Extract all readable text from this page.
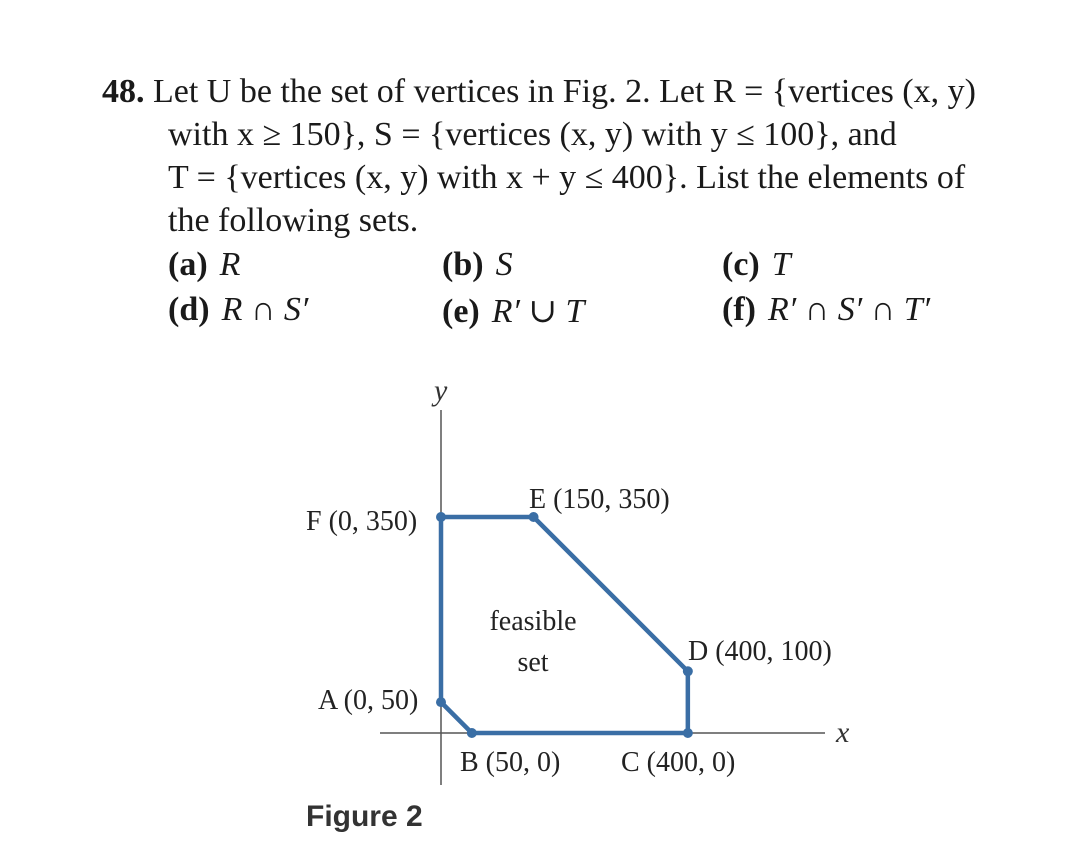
48. Let U be the set of vertices in Fig. 2. Let R = {vertices (x, y)
with x ≥ 150}, S = {vertices (x, y) with y ≤ 100}, and
T = {vertices (x, y) with x + y ≤ 400}. List the elements of
the following sets.
(a) R	(b) S	(c) T
(d) R ∩ S′	(e) R′ ∪ T	(f) R′ ∩ S′ ∩ T′
y
x
feasible
set
A (0, 50)
B (50, 0) C (400, 0)
D (400, 100)
E (150, 350)
F (0, 350)
Figure 2
